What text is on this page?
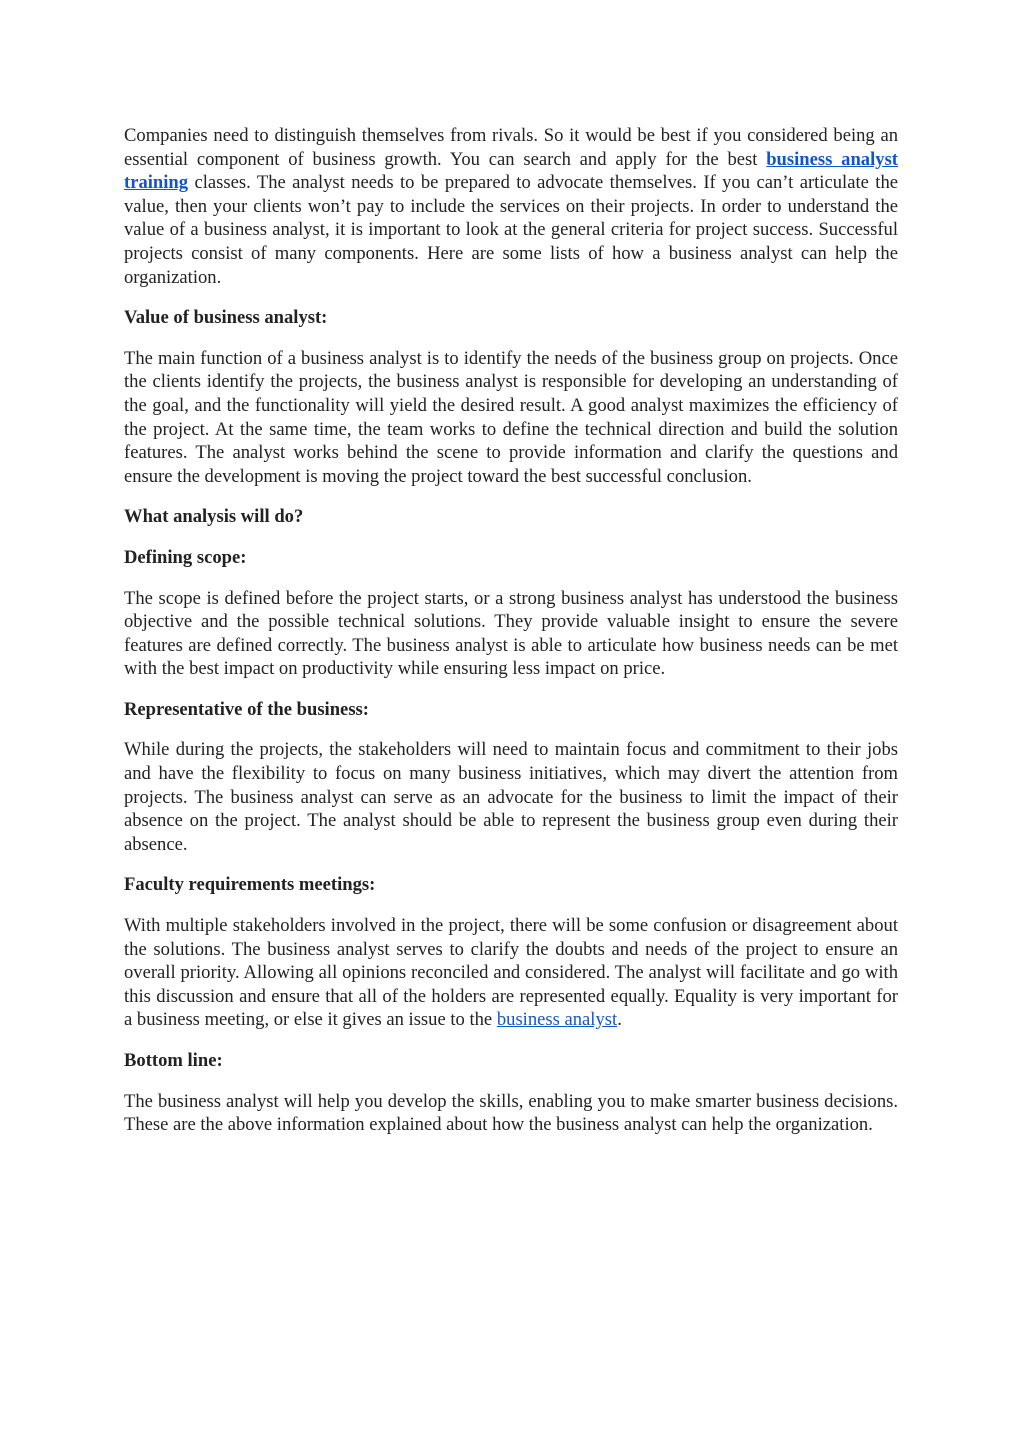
Companies need to distinguish themselves from rivals. So it would be best if you considered being an essential component of business growth. You can search and apply for the best business analyst training classes. The analyst needs to be prepared to advocate themselves. If you can’t articulate the value, then your clients won’t pay to include the services on their projects. In order to understand the value of a business analyst, it is important to look at the general criteria for project success. Successful projects consist of many components. Here are some lists of how a business analyst can help the organization.

Value of business analyst:

The main function of a business analyst is to identify the needs of the business group on projects. Once the clients identify the projects, the business analyst is responsible for developing an understanding of the goal, and the functionality will yield the desired result. A good analyst maximizes the efficiency of the project. At the same time, the team works to define the technical direction and build the solution features. The analyst works behind the scene to provide information and clarify the questions and ensure the development is moving the project toward the best successful conclusion.

What analysis will do?

Defining scope:

The scope is defined before the project starts, or a strong business analyst has understood the business objective and the possible technical solutions. They provide valuable insight to ensure the severe features are defined correctly. The business analyst is able to articulate how business needs can be met with the best impact on productivity while ensuring less impact on price.

Representative of the business:

While during the projects, the stakeholders will need to maintain focus and commitment to their jobs and have the flexibility to focus on many business initiatives, which may divert the attention from projects. The business analyst can serve as an advocate for the business to limit the impact of their absence on the project. The analyst should be able to represent the business group even during their absence.

Faculty requirements meetings:

With multiple stakeholders involved in the project, there will be some confusion or disagreement about the solutions. The business analyst serves to clarify the doubts and needs of the project to ensure an overall priority. Allowing all opinions reconciled and considered. The analyst will facilitate and go with this discussion and ensure that all of the holders are represented equally. Equality is very important for a business meeting, or else it gives an issue to the business analyst.

Bottom line:

The business analyst will help you develop the skills, enabling you to make smarter business decisions. These are the above information explained about how the business analyst can help the organization.
